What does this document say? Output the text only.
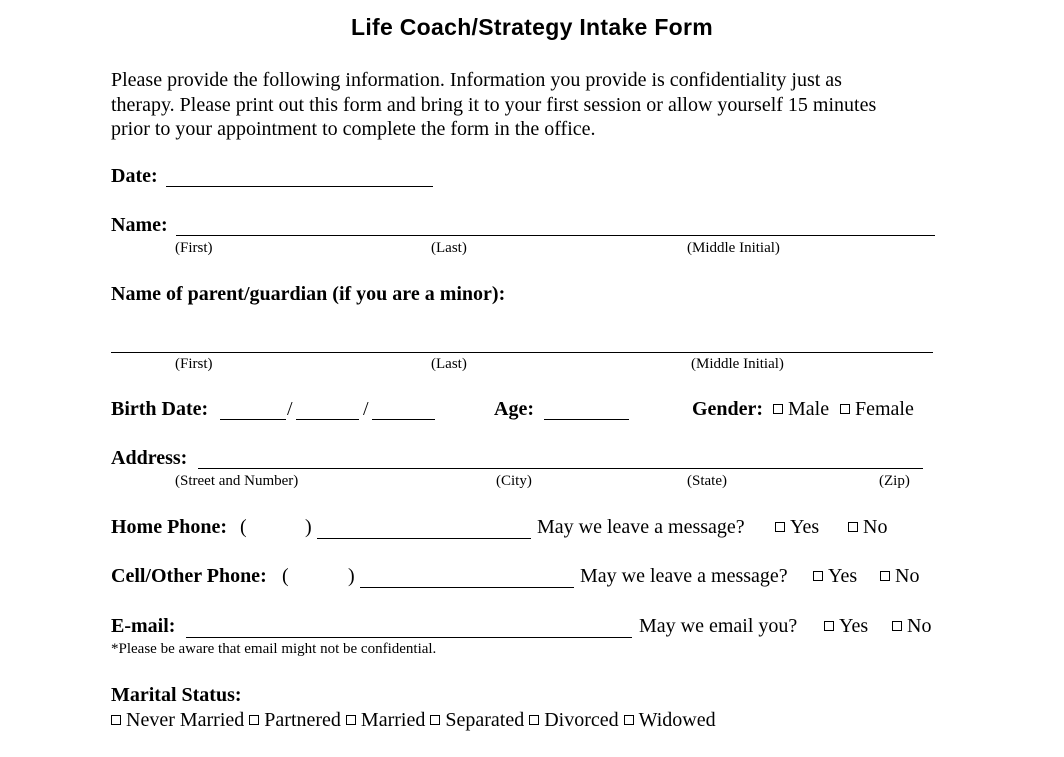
Life Coach/Strategy Intake Form
Please provide the following information. Information you provide is confidentiality just as
therapy. Please print out this form and bring it to your first session or allow yourself 15 minutes
prior to your appointment to complete the form in the office.
Date:
Name:
(First)	(Last)	(Middle Initial)
Name of parent/guardian (if you are a minor):
(First)	(Last)	(Middle Initial)
Birth Date:	/	/	Age:	Gender:	Male	Female
Address:
(Street and Number)	(City)	(State)	(Zip)
Home Phone: (	)	May we leave a message?	Yes	No
Cell/Other Phone: (	)	May we leave a message?	Yes	No
E-mail:	May we email you?	Yes	No
*Please be aware that email might not be confidential.
Marital Status:
Never Married Partnered Married Separated Divorced Widowed
